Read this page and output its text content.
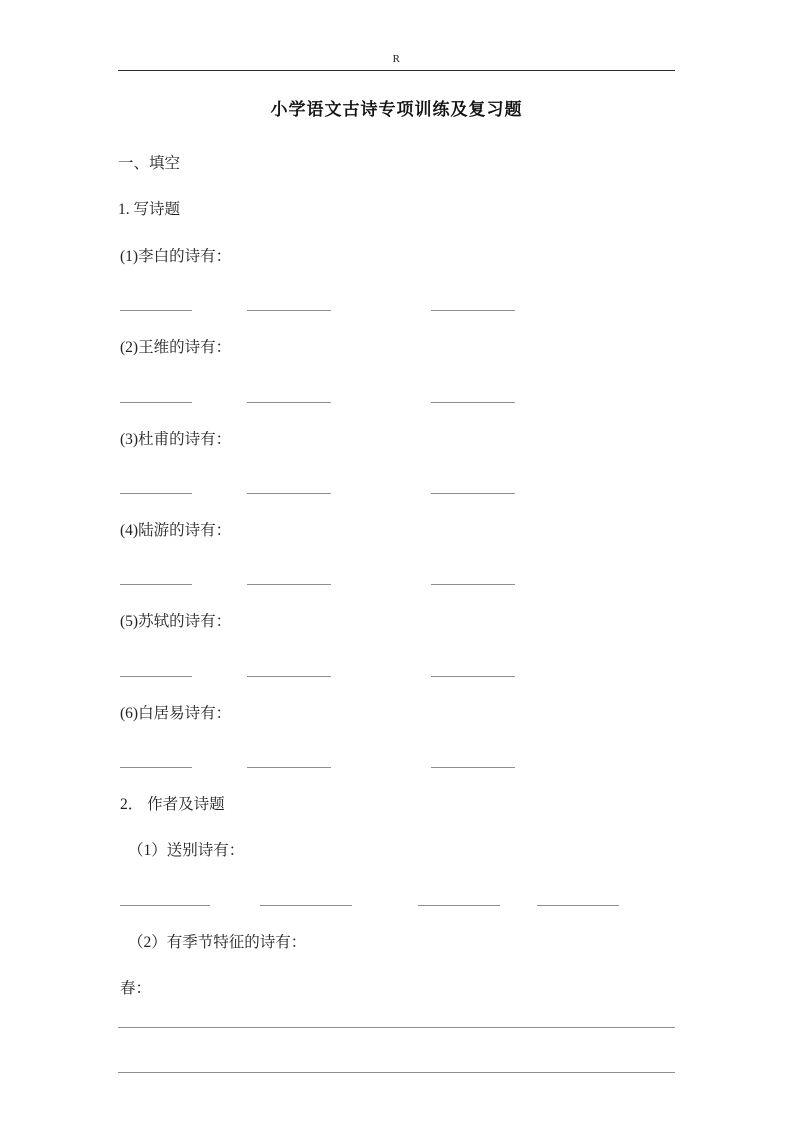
R
小学语文古诗专项训练及复习题

一、填空

1. 写诗题

(1)李白的诗有：

(2)王维的诗有：

(3)杜甫的诗有：

(4)陆游的诗有：

(5)苏轼的诗有：

(6)白居易诗有：

2． 作者及诗题

（1）送别诗有：

（2）有季节特征的诗有：

春：
